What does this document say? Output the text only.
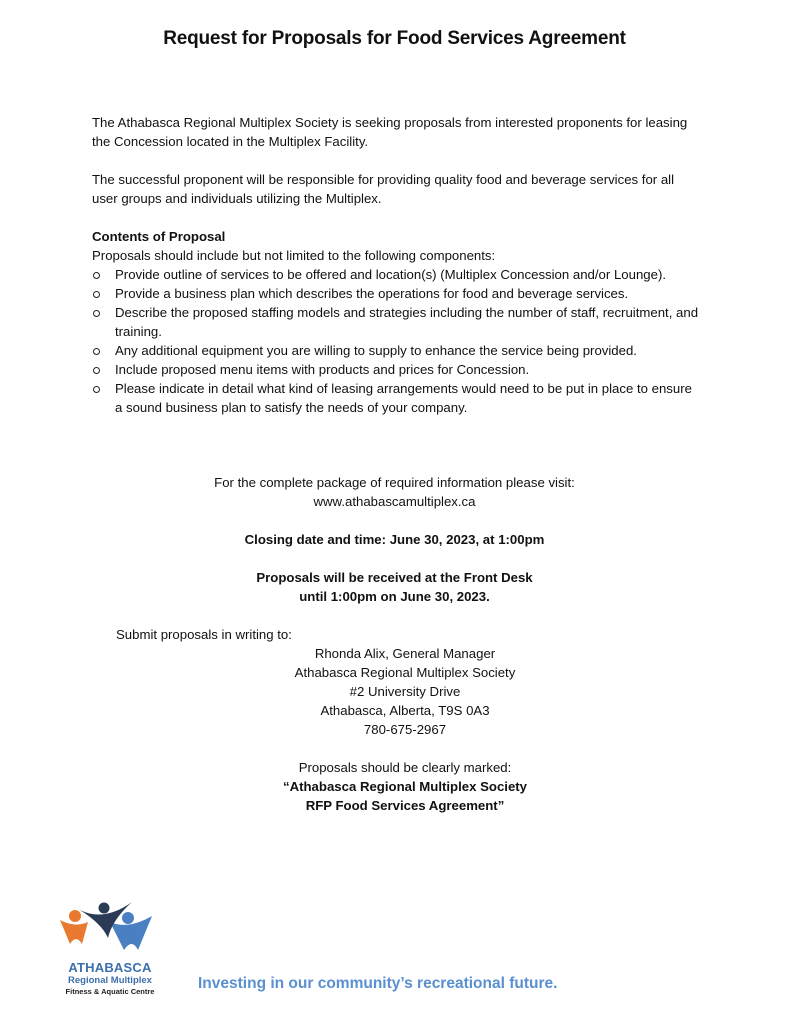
Request for Proposals for Food Services Agreement

The Athabasca Regional Multiplex Society is seeking proposals from interested proponents for leasing the Concession located in the Multiplex Facility.

The successful proponent will be responsible for providing quality food and beverage services for all user groups and individuals utilizing the Multiplex.

Contents of Proposal

Proposals should include but not limited to the following components:

Provide outline of services to be offered and location(s) (Multiplex Concession and/or Lounge).
Provide a business plan which describes the operations for food and beverage services.
Describe the proposed staffing models and strategies including the number of staff, recruitment, and training.
Any additional equipment you are willing to supply to enhance the service being provided.
Include proposed menu items with products and prices for Concession.
Please indicate in detail what kind of leasing arrangements would need to be put in place to ensure a sound business plan to satisfy the needs of your company.

For the complete package of required information please visit:

www.athabascamultiplex.ca

Closing date and time: June 30, 2023, at 1:00pm

Proposals will be received at the Front Desk

until 1:00pm on June 30, 2023.

Submit proposals in writing to:

Rhonda Alix, General Manager

Athabasca Regional Multiplex Society

#2 University Drive

Athabasca, Alberta, T9S 0A3

780-675-2967

Proposals should be clearly marked:

“Athabasca Regional Multiplex Society

RFP Food Services Agreement”

ATHABASCA
Regional Multiplex
Fitness & Aquatic Centre	Investing in our community’s recreational future.
